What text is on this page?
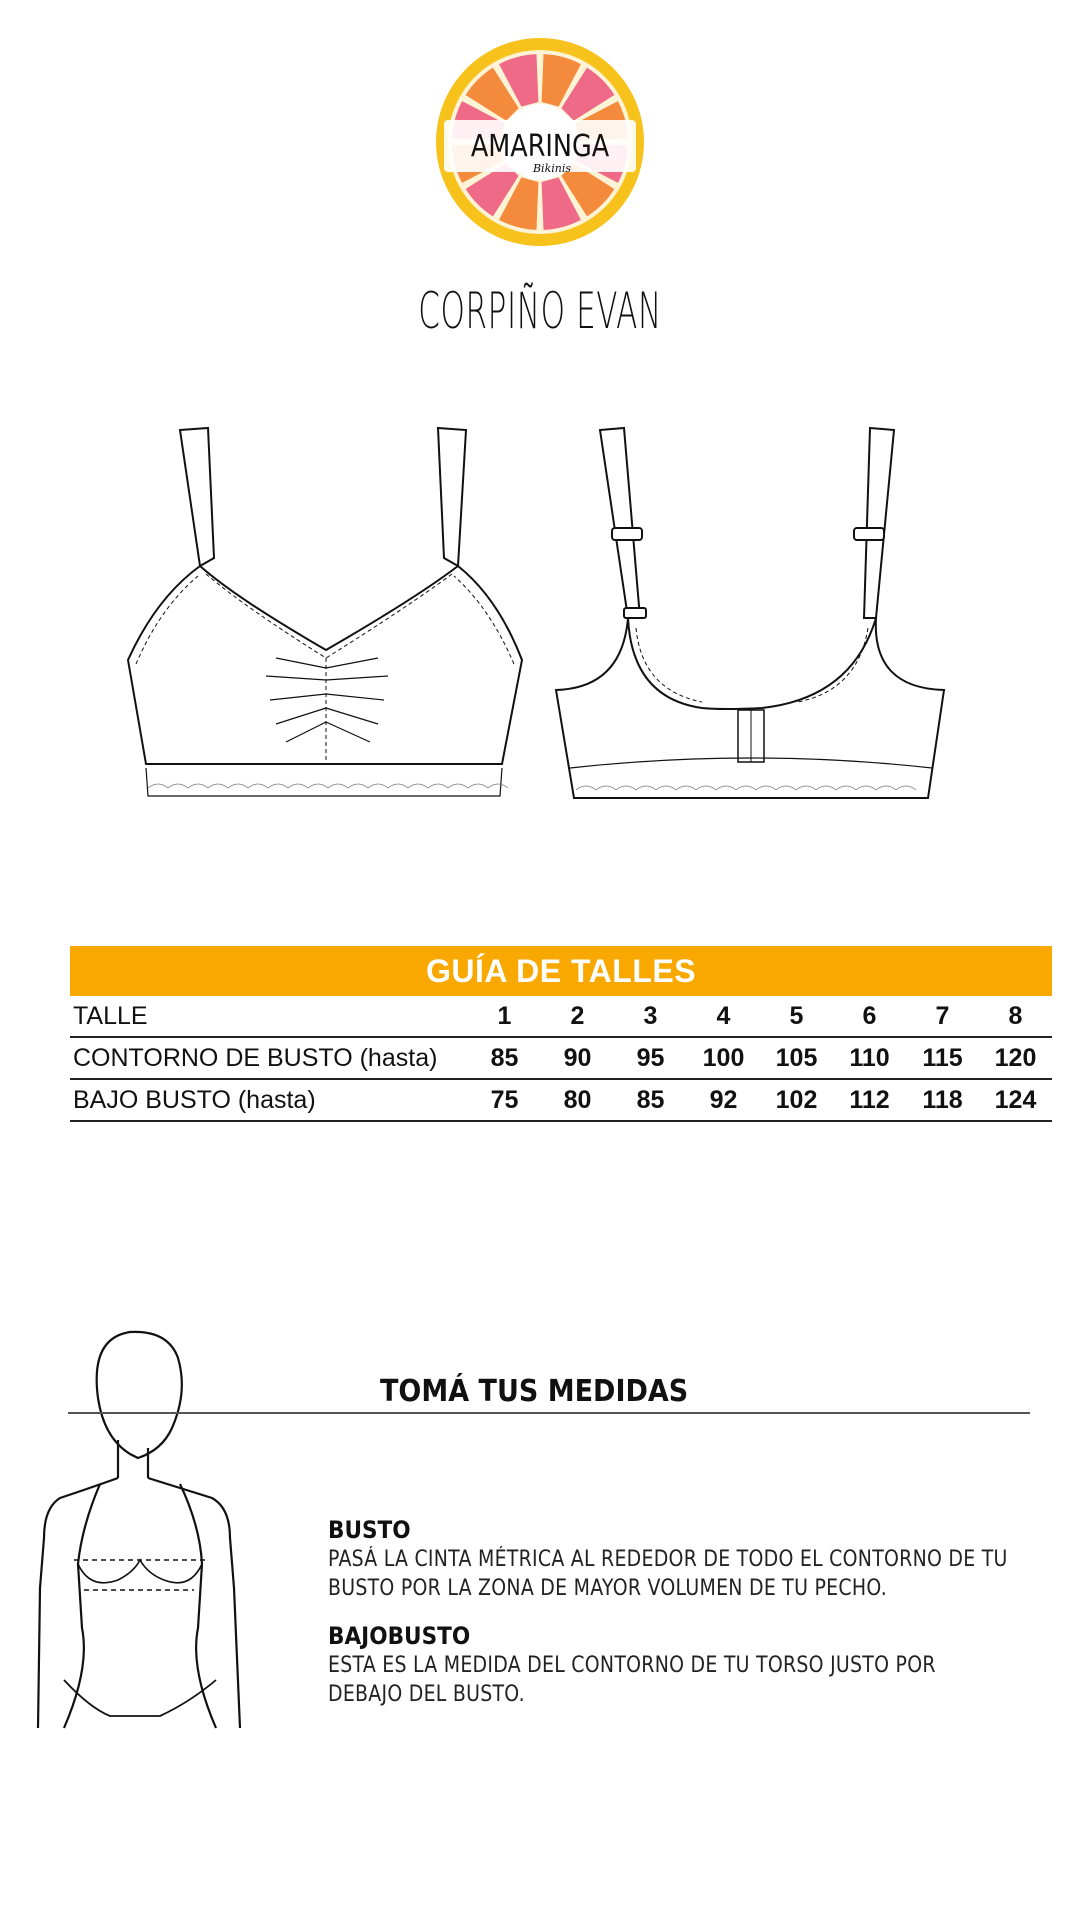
AMARINGA
Bikinis
CORPIÑO EVAN
GUÍA DE TALLES
TALLE	1	2	3	4	5	6	7	8
CONTORNO DE BUSTO (hasta)	85	90	95	100	105	110	115	120
BAJO BUSTO (hasta)	75	80	85	92	102	112	118	124
TOMÁ TUS MEDIDAS
BUSTO
PASÁ LA CINTA MÉTRICA AL REDEDOR DE TODO EL CONTORNO DE TU BUSTO POR LA ZONA DE MAYOR VOLUMEN DE TU PECHO.
BAJOBUSTO
ESTA ES LA MEDIDA DEL CONTORNO DE TU TORSO JUSTO POR DEBAJO DEL BUSTO.
